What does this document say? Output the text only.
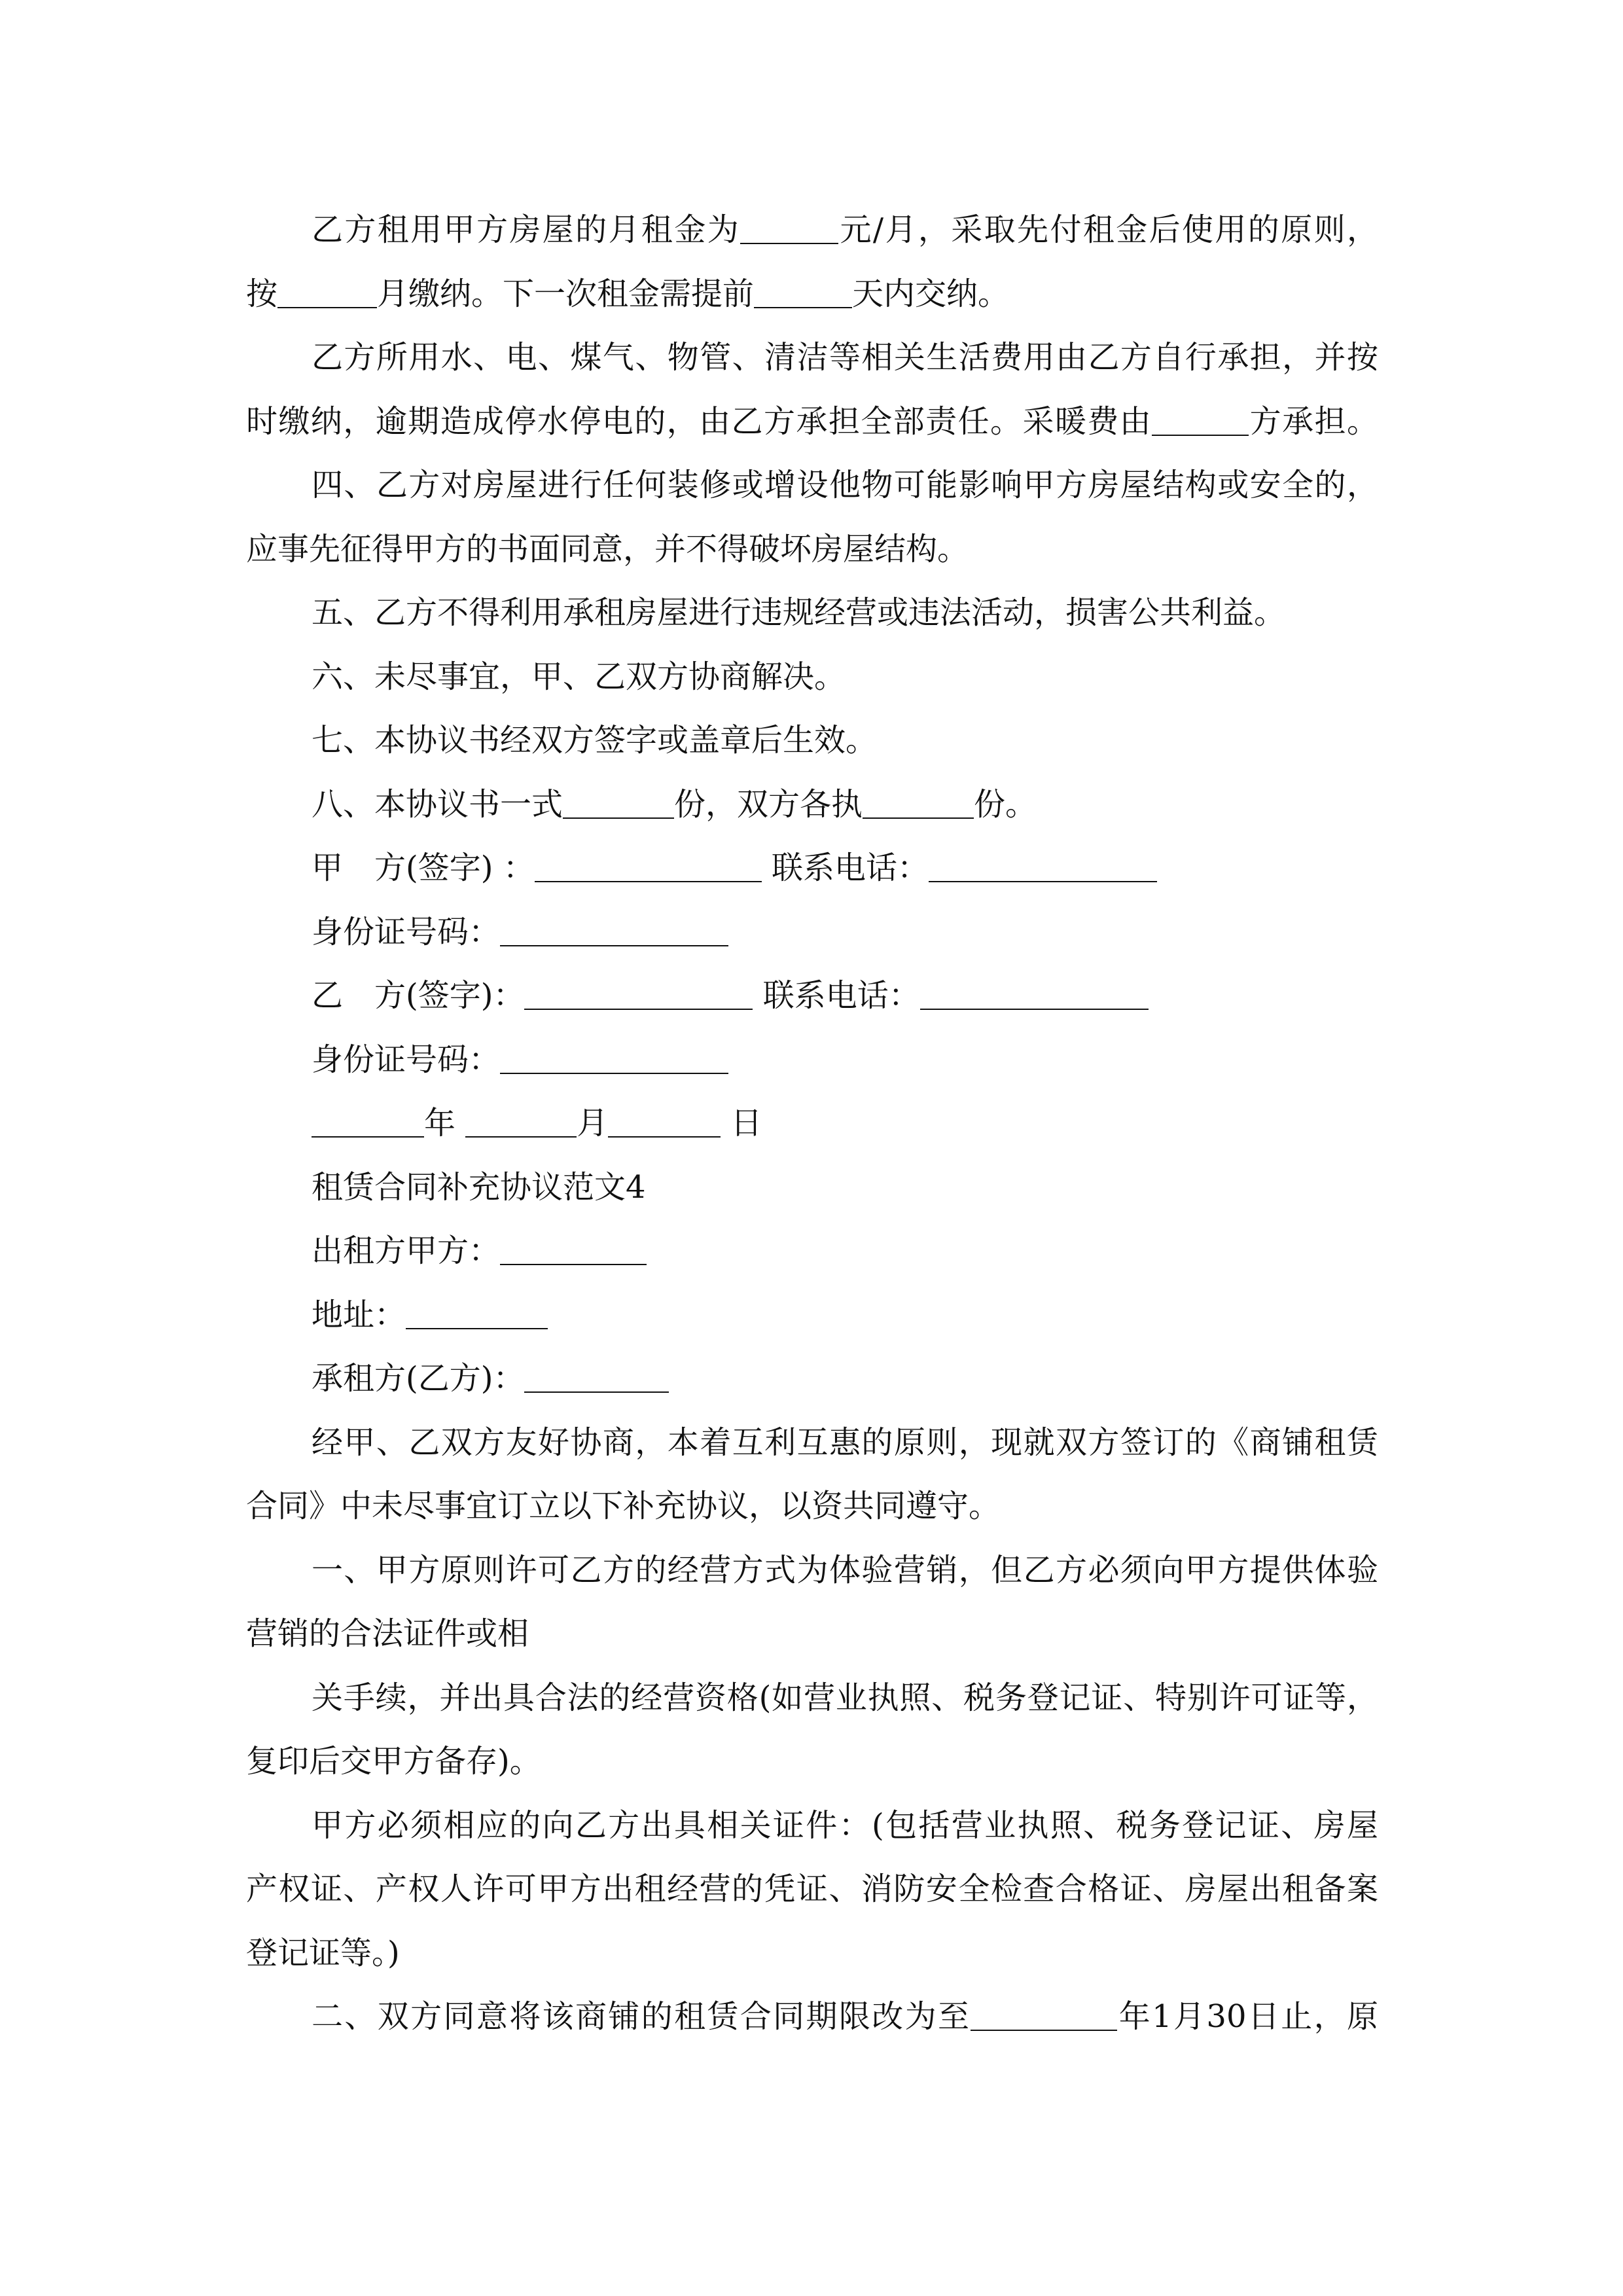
乙方租用甲方房屋的月租金为	元/月，采取先付租金后使用的原则，
按	月缴纳。下一次租金需提前	天内交纳。
乙方所用水、电、煤气、物管、清洁等相关生活费用由乙方自行承担，并按
时缴纳，逾期造成停水停电的，由乙方承担全部责任。采暖费由	方承担。
四、乙方对房屋进行任何装修或增设他物可能影响甲方房屋结构或安全的，
应事先征得甲方的书面同意，并不得破坏房屋结构。
五、乙方不得利用承租房屋进行违规经营或违法活动，损害公共利益。
六、未尽事宜，甲、乙双方协商解决。
七、本协议书经双方签字或盖章后生效。
八、本协议书一式	份，双方各执	份。
甲　方(签字) ：	联系电话：
身份证号码：
乙　方(签字)：	联系电话：
身份证号码：
年	月	日
租赁合同补充协议范文4
出租方甲方：
地址：
承租方(乙方)：
经甲、乙双方友好协商，本着互利互惠的原则，现就双方签订的《商铺租赁
合同》中未尽事宜订立以下补充协议，以资共同遵守。
一、甲方原则许可乙方的经营方式为体验营销，但乙方必须向甲方提供体验
营销的合法证件或相
关手续，并出具合法的经营资格(如营业执照、税务登记证、特别许可证等，
复印后交甲方备存)。
甲方必须相应的向乙方出具相关证件：(包括营业执照、税务登记证、房屋
产权证、产权人许可甲方出租经营的凭证、消防安全检查合格证、房屋出租备案
登记证等。)
二、双方同意将该商铺的租赁合同期限改为至	年1月30日止，原
